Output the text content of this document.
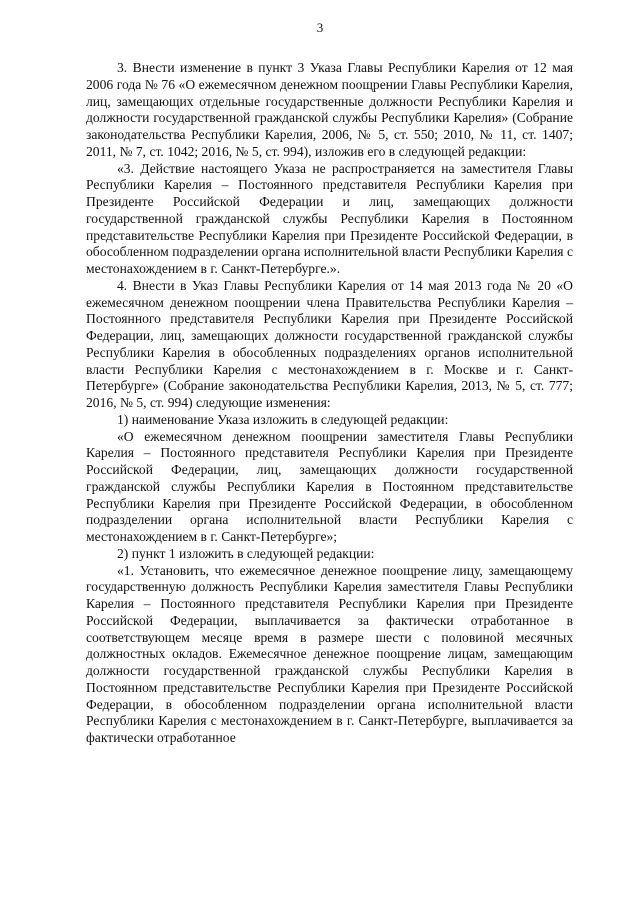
3

3. Внести изменение в пункт 3 Указа Главы Республики Карелия от 12 мая 2006 года № 76 «О ежемесячном денежном поощрении Главы Республики Карелия, лиц, замещающих отдельные государственные должности Республики Карелия и должности государственной гражданской службы Республики Карелия» (Собрание законодательства Республики Карелия, 2006, № 5, ст. 550; 2010, № 11, ст. 1407; 2011, № 7, ст. 1042; 2016, № 5, ст. 994), изложив его в следующей редакции:

«3. Действие настоящего Указа не распространяется на заместителя Главы Республики Карелия – Постоянного представителя Республики Карелия при Президенте Российской Федерации и лиц, замещающих должности государственной гражданской службы Республики Карелия в Постоянном представительстве Республики Карелия при Президенте Российской Федерации, в обособленном подразделении органа исполнительной власти Республики Карелия с местонахождением в г. Санкт-Петербурге.».

4. Внести в Указ Главы Республики Карелия от 14 мая 2013 года № 20 «О ежемесячном денежном поощрении члена Правительства Республики Карелия – Постоянного представителя Республики Карелия при Президенте Российской Федерации, лиц, замещающих должности государственной гражданской службы Республики Карелия в обособленных подразделениях органов исполнительной власти Республики Карелия с местонахождением в г. Москве и г. Санкт-Петербурге» (Собрание законодательства Республики Карелия, 2013, № 5, ст. 777; 2016, № 5, ст. 994) следующие изменения:

1) наименование Указа изложить в следующей редакции:

«О ежемесячном денежном поощрении заместителя Главы Республики Карелия – Постоянного представителя Республики Карелия при Президенте Российской Федерации, лиц, замещающих должности государственной гражданской службы Республики Карелия в Постоянном представительстве Республики Карелия при Президенте Российской Федерации, в обособленном подразделении органа исполнительной власти Республики Карелия с местонахождением в г. Санкт-Петербурге»;

2) пункт 1 изложить в следующей редакции:

«1. Установить, что ежемесячное денежное поощрение лицу, замещающему государственную должность Республики Карелия заместителя Главы Республики Карелия – Постоянного представителя Республики Карелия при Президенте Российской Федерации, выплачивается за фактически отработанное в соответствующем месяце время в размере шести с половиной месячных должностных окладов. Ежемесячное денежное поощрение лицам, замещающим должности государственной гражданской службы Республики Карелия в Постоянном представительстве Республики Карелия при Президенте Российской Федерации, в обособленном подразделении органа исполнительной власти Республики Карелия с местонахождением в г. Санкт-Петербурге, выплачивается за фактически отработанное
